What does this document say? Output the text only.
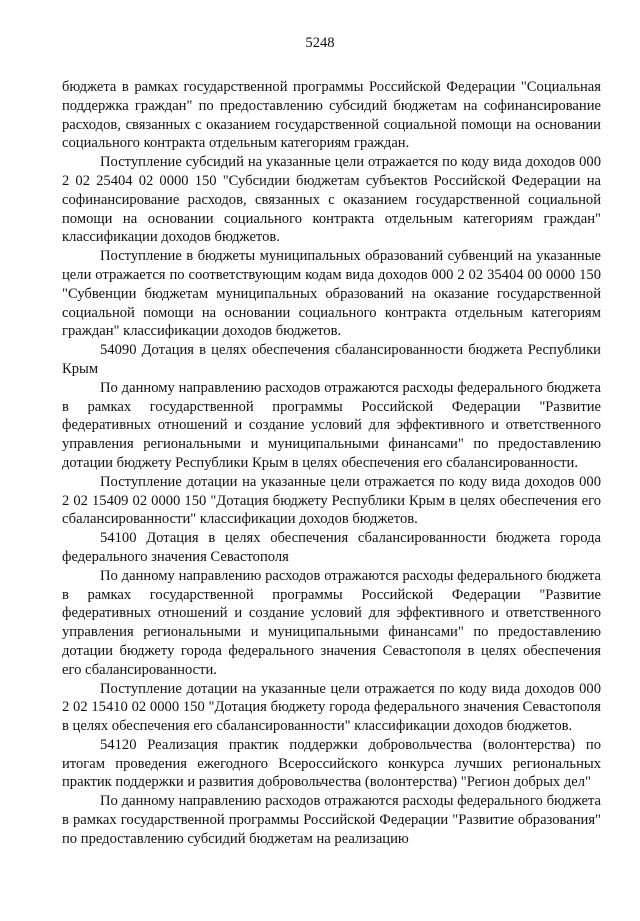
5248

бюджета в рамках государственной программы Российской Федерации "Социальная поддержка граждан" по предоставлению субсидий бюджетам на софинансирование расходов, связанных с оказанием государственной социальной помощи на основании социального контракта отдельным категориям граждан.

Поступление субсидий на указанные цели отражается по коду вида доходов 000 2 02 25404 02 0000 150 "Субсидии бюджетам субъектов Российской Федерации на софинансирование расходов, связанных с оказанием государственной социальной помощи на основании социального контракта отдельным категориям граждан" классификации доходов бюджетов.

Поступление в бюджеты муниципальных образований субвенций на указанные цели отражается по соответствующим кодам вида доходов 000 2 02 35404 00 0000 150 "Субвенции бюджетам муниципальных образований на оказание государственной социальной помощи на основании социального контракта отдельным категориям граждан" классификации доходов бюджетов.

54090 Дотация в целях обеспечения сбалансированности бюджета Республики Крым

По данному направлению расходов отражаются расходы федерального бюджета в рамках государственной программы Российской Федерации "Развитие федеративных отношений и создание условий для эффективного и ответственного управления региональными и муниципальными финансами" по предоставлению дотации бюджету Республики Крым в целях обеспечения его сбалансированности.

Поступление дотации на указанные цели отражается по коду вида доходов 000 2 02 15409 02 0000 150 "Дотация бюджету Республики Крым в целях обеспечения его сбалансированности" классификации доходов бюджетов.

54100 Дотация в целях обеспечения сбалансированности бюджета города федерального значения Севастополя

По данному направлению расходов отражаются расходы федерального бюджета в рамках государственной программы Российской Федерации "Развитие федеративных отношений и создание условий для эффективного и ответственного управления региональными и муниципальными финансами" по предоставлению дотации бюджету города федерального значения Севастополя в целях обеспечения его сбалансированности.

Поступление дотации на указанные цели отражается по коду вида доходов 000 2 02 15410 02 0000 150 "Дотация бюджету города федерального значения Севастополя в целях обеспечения его сбалансированности" классификации доходов бюджетов.

54120 Реализация практик поддержки добровольчества (волонтерства) по итогам проведения ежегодного Всероссийского конкурса лучших региональных практик поддержки и развития добровольчества (волонтерства) "Регион добрых дел"

По данному направлению расходов отражаются расходы федерального бюджета в рамках государственной программы Российской Федерации "Развитие образования" по предоставлению субсидий бюджетам на реализацию
